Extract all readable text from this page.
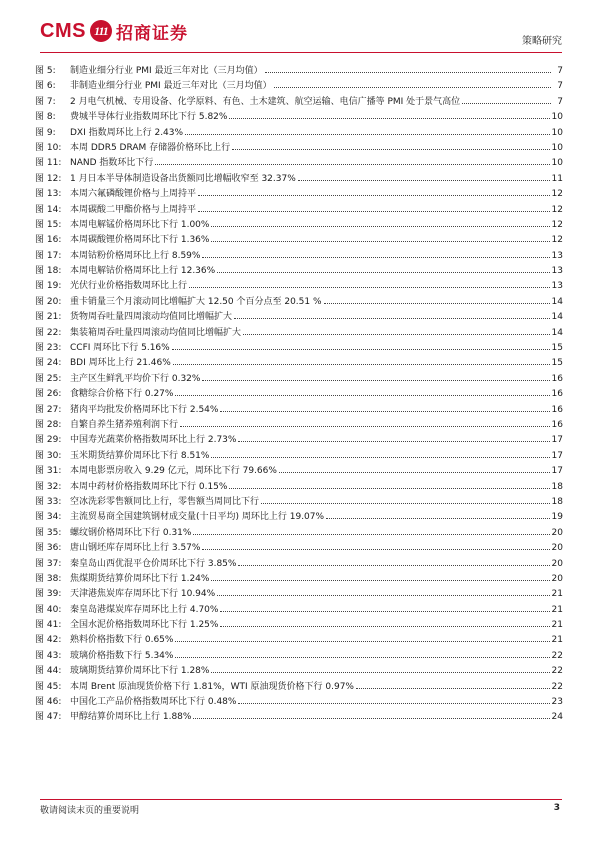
CMS 111 招商证券	策略研究
图 5:	制造业细分行业 PMI 最近三年对比（三月均值）	7
图 6:	非制造业细分行业 PMI 最近三年对比（三月均值）	7
图 7:	2 月电气机械、专用设备、化学原料、有色、土木建筑、航空运输、电信广播等 PMI 处于景气高位	7
图 8:	费城半导体行业指数周环比下行 5.82%	10
图 9:	DXI 指数周环比上行 2.43%	10
图 10: 本周 DDR5 DRAM 存储器价格环比上行	10
图 11: NAND 指数环比下行	10
图 12: 1 月日本半导体制造设备出货额同比增幅收窄至 32.37%	11
图 13: 本周六氟磷酸锂价格与上周持平	12
图 14: 本周碳酸二甲酯价格与上周持平	12
图 15: 本周电解锰价格周环比下行 1.00%	12
图 16: 本周碳酸锂价格周环比下行 1.36%	12
图 17: 本周钴粉价格周环比上行 8.59%	13
图 18: 本周电解钴价格周环比上行 12.36%	13
图 19: 光伏行业价格指数周环比上行	13
图 20: 重卡销量三个月滚动同比增幅扩大 12.50 个百分点至 20.51 %	14
图 21: 货物周吞吐量四周滚动均值同比增幅扩大	14
图 22: 集装箱周吞吐量四周滚动均值同比增幅扩大	14
图 23: CCFI 周环比下行 5.16%	15
图 24: BDI 周环比上行 21.46%	15
图 25: 主产区生鲜乳平均价下行 0.32%	16
图 26: 食糖综合价格下行 0.27%	16
图 27: 猪肉平均批发价格周环比下行 2.54%	16
图 28: 自繁自养生猪养殖利润下行	16
图 29: 中国寿光蔬菜价格指数周环比上行 2.73%	17
图 30: 玉米期货结算价周环比下行 8.51%	17
图 31: 本周电影票房收入 9.29 亿元，周环比下行 79.66%	17
图 32: 本周中药材价格指数周环比下行 0.15%	18
图 33: 空冰洗彩零售额同比上行，零售额当周同比下行	18
图 34: 主流贸易商全国建筑钢材成交量(十日平均) 周环比上行 19.07%	19
图 35: 螺纹钢价格周环比下行 0.31%	20
图 36: 唐山钢坯库存周环比上行 3.57%	20
图 37: 秦皇岛山西优混平仓价周环比下行 3.85%	20
图 38: 焦煤期货结算价周环比下行 1.24%	20
图 39: 天津港焦炭库存周环比下行 10.94%	21
图 40: 秦皇岛港煤炭库存周环比上行 4.70%	21
图 41: 全国水泥价格指数周环比下行 1.25%	21
图 42: 熟料价格指数下行 0.65%	21
图 43: 玻璃价格指数下行 5.34%	22
图 44: 玻璃期货结算价周环比下行 1.28%	22
图 45: 本周 Brent 原油现货价格下行 1.81%，WTI 原油现货价格下行 0.97%	22
图 46: 中国化工产品价格指数周环比下行 0.48%	23
图 47: 甲醇结算价周环比上行 1.88%	24
敬请阅读末页的重要说明	3
